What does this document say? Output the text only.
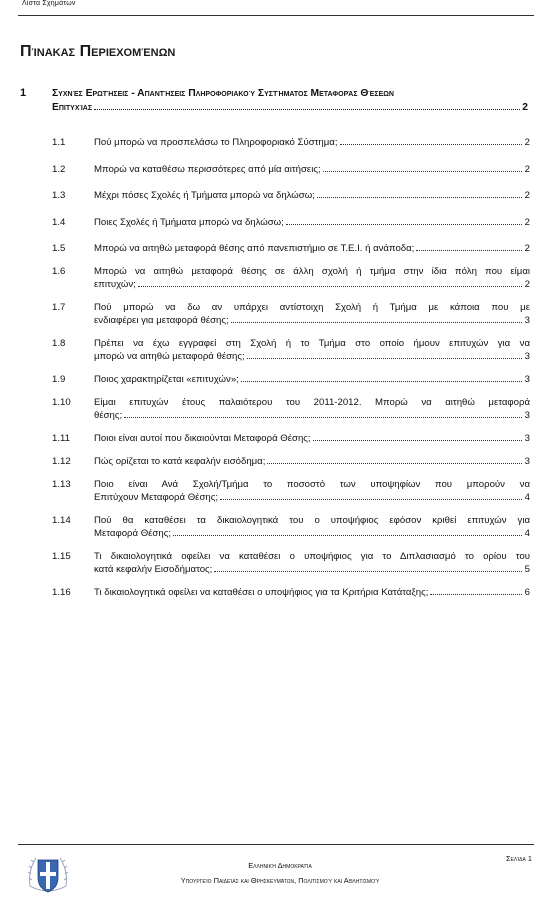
Λίστα Σχημάτων
Πίνακας Περιεχομένων
1	Συχνές Ερωτήσεις - Απαντήσεις Πληροφοριακού Συστήματος Μεταφοράς Θέσεων
Επιτυχίας	2
1.1	Πού μπορώ να προσπελάσω το Πληροφοριακό Σύστημα;	2
1.2	Μπορώ να καταθέσω περισσότερες από μία αιτήσεις;	2
1.3	Μέχρι πόσες Σχολές ή Τμήματα μπορώ να δηλώσω;	2
1.4	Ποιες Σχολές ή Τμήματα μπορώ να δηλώσω;	2
1.5	Μπορώ να αιτηθώ μεταφορά θέσης από πανεπιστήμιο σε Τ.Ε.Ι. ή ανάποδα;	2
1.6	Μπορώ να αιτηθώ μεταφορά θέσης σε άλλη σχολή ή τμήμα στην ίδια πόλη που είμαι
επιτυχών;	2
1.7	Πού μπορώ να δω αν υπάρχει αντίστοιχη Σχολή ή Τμήμα με κάποια που με
ενδιαφέρει για μεταφορά θέσης;	3
1.8	Πρέπει να έχω εγγραφεί στη Σχολή ή το Τμήμα στο οποίο ήμουν επιτυχών για να
μπορώ να αιτηθώ μεταφορά θέσης;	3
1.9	Ποιος χαρακτηρίζεται «επιτυχών»;	3
1.10	Είμαι επιτυχών έτους παλαιότερου του 2011-2012. Μπορώ να αιτηθώ μεταφορά
θέσης;	3
1.11	Ποιοι είναι αυτοί που δικαιούνται Μεταφορά Θέσης;	3
1.12	Πώς ορίζεται το κατά κεφαλήν εισόδημα;	3
1.13	Ποιο είναι Ανά Σχολή/Τμήμα το ποσοστό των υποψηφίων που μπορούν να
Επιτύχουν Μεταφορά Θέσης;	4
1.14	Πού θα καταθέσει τα δικαιολογητικά του ο υποψήφιος εφόσον κριθεί επιτυχών για
Μεταφορά Θέσης;	4
1.15	Τι δικαιολογητικά οφείλει να καταθέσει ο υποψήφιος για το Διπλασιασμό το ορίου του
κατά κεφαλήν Εισοδήματος;	5
1.16	Τι δικαιολογητικά οφείλει να καταθέσει ο υποψήφιος για τα Κριτήρια Κατάταξης;	6
Ελληνική Δημοκρατία
Υπουργείο Παιδείας και Θρησκευμάτων, Πολιτισμού και Αθλητισμού
Σελίδα 1
